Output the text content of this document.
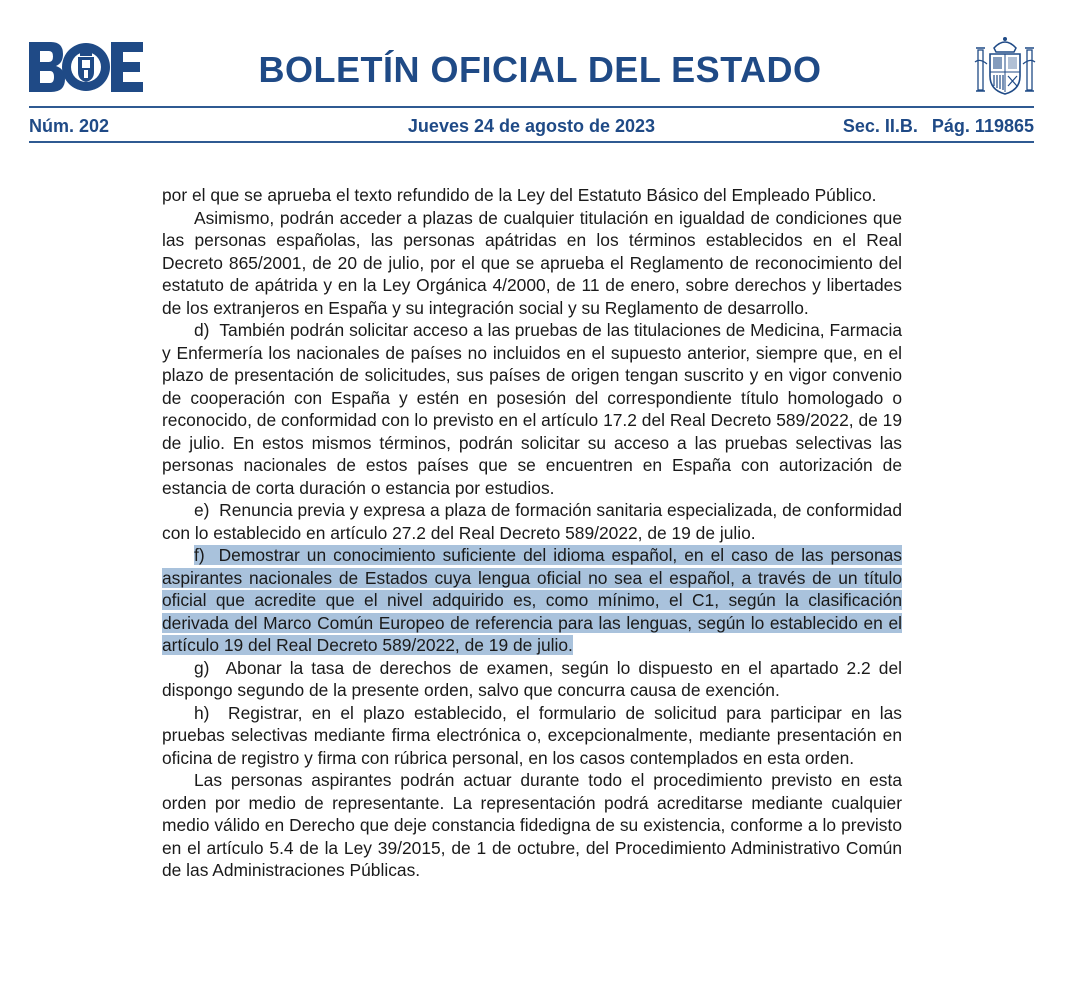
BOLETÍN OFICIAL DEL ESTADO
Núm. 202	Jueves 24 de agosto de 2023	Sec. II.B. Pág. 119865

por el que se aprueba el texto refundido de la Ley del Estatuto Básico del Empleado Público.

Asimismo, podrán acceder a plazas de cualquier titulación en igualdad de condiciones que las personas españolas, las personas apátridas en los términos establecidos en el Real Decreto 865/2001, de 20 de julio, por el que se aprueba el Reglamento de reconocimiento del estatuto de apátrida y en la Ley Orgánica 4/2000, de 11 de enero, sobre derechos y libertades de los extranjeros en España y su integración social y su Reglamento de desarrollo.

d)  También podrán solicitar acceso a las pruebas de las titulaciones de Medicina, Farmacia y Enfermería los nacionales de países no incluidos en el supuesto anterior, siempre que, en el plazo de presentación de solicitudes, sus países de origen tengan suscrito y en vigor convenio de cooperación con España y estén en posesión del correspondiente título homologado o reconocido, de conformidad con lo previsto en el artículo 17.2 del Real Decreto 589/2022, de 19 de julio. En estos mismos términos, podrán solicitar su acceso a las pruebas selectivas las personas nacionales de estos países que se encuentren en España con autorización de estancia de corta duración o estancia por estudios.

e)  Renuncia previa y expresa a plaza de formación sanitaria especializada, de conformidad con lo establecido en artículo 27.2 del Real Decreto 589/2022, de 19 de julio.

f)  Demostrar un conocimiento suficiente del idioma español, en el caso de las personas aspirantes nacionales de Estados cuya lengua oficial no sea el español, a través de un título oficial que acredite que el nivel adquirido es, como mínimo, el C1, según la clasificación derivada del Marco Común Europeo de referencia para las lenguas, según lo establecido en el artículo 19 del Real Decreto 589/2022, de 19 de julio.

g)  Abonar la tasa de derechos de examen, según lo dispuesto en el apartado 2.2 del dispongo segundo de la presente orden, salvo que concurra causa de exención.

h)  Registrar, en el plazo establecido, el formulario de solicitud para participar en las pruebas selectivas mediante firma electrónica o, excepcionalmente, mediante presentación en oficina de registro y firma con rúbrica personal, en los casos contemplados en esta orden.

Las personas aspirantes podrán actuar durante todo el procedimiento previsto en esta orden por medio de representante. La representación podrá acreditarse mediante cualquier medio válido en Derecho que deje constancia fidedigna de su existencia, conforme a lo previsto en el artículo 5.4 de la Ley 39/2015, de 1 de octubre, del Procedimiento Administrativo Común de las Administraciones Públicas.
